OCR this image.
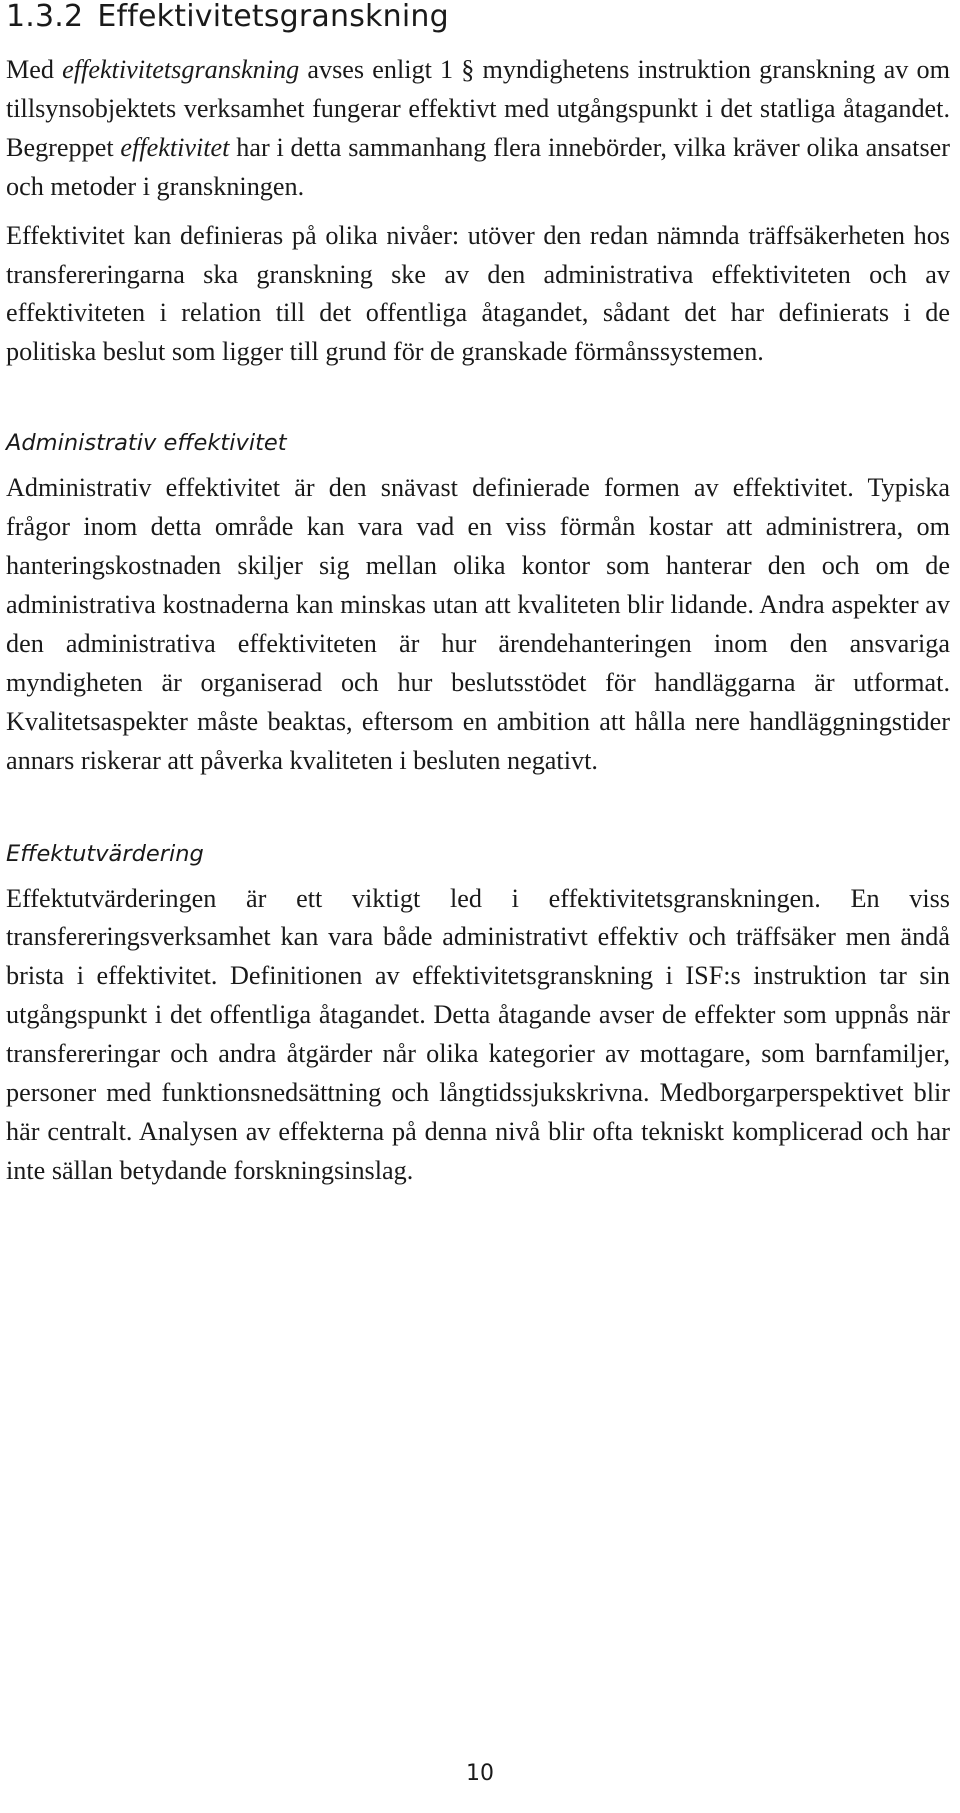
1.3.2 Effektivitetsgranskning

Med effektivitetsgranskning avses enligt 1 § myndighetens instruktion granskning av om tillsynsobjektets verksamhet fungerar effektivt med utgångspunkt i det statliga åtagandet. Begreppet effektivitet har i detta sammanhang flera innebörder, vilka kräver olika ansatser och metoder i granskningen.

Effektivitet kan definieras på olika nivåer: utöver den redan nämnda träffsäkerheten hos transfereringarna ska granskning ske av den administrativa effektiviteten och av effektiviteten i relation till det offentliga åtagandet, sådant det har definierats i de politiska beslut som ligger till grund för de granskade förmånssystemen.

Administrativ effektivitet

Administrativ effektivitet är den snävast definierade formen av effektivitet. Typiska frågor inom detta område kan vara vad en viss förmån kostar att administrera, om hanteringskostnaden skiljer sig mellan olika kontor som hanterar den och om de administrativa kostnaderna kan minskas utan att kvaliteten blir lidande. Andra aspekter av den administrativa effektiviteten är hur ärendehanteringen inom den ansvariga myndigheten är organiserad och hur beslutsstödet för handläggarna är utformat. Kvalitetsaspekter måste beaktas, eftersom en ambition att hålla nere handläggningstider annars riskerar att påverka kvaliteten i besluten negativt.

Effektutvärdering

Effektutvärderingen är ett viktigt led i effektivitetsgranskningen. En viss transfereringsverksamhet kan vara både administrativt effektiv och träffsäker men ändå brista i effektivitet. Definitionen av effektivitetsgranskning i ISF:s instruktion tar sin utgångspunkt i det offentliga åtagandet. Detta åtagande avser de effekter som uppnås när transfereringar och andra åtgärder når olika kategorier av mottagare, som barnfamiljer, personer med funktionsnedsättning och långtidssjukskrivna. Medborgarperspektivet blir här centralt. Analysen av effekterna på denna nivå blir ofta tekniskt komplicerad och har inte sällan betydande forskningsinslag.

10
